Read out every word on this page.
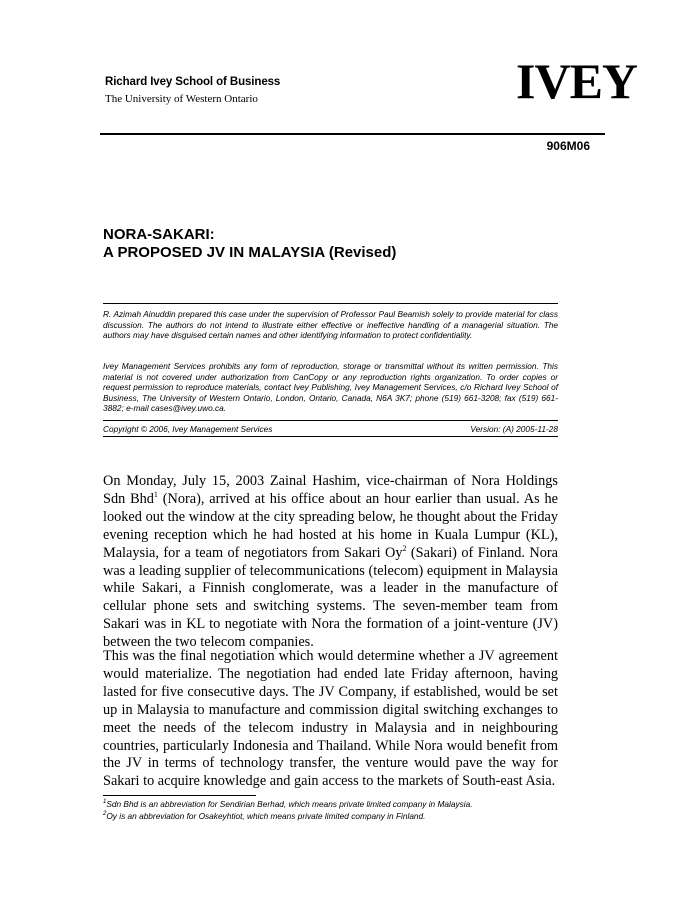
Richard Ivey School of Business
The University of Western Ontario	IVEY
906M06
NORA-SAKARI:
A PROPOSED JV IN MALAYSIA (Revised)
R. Azimah Ainuddin prepared this case under the supervision of Professor Paul Beamish solely to provide material for class discussion. The authors do not intend to illustrate either effective or ineffective handling of a managerial situation. The authors may have disguised certain names and other identifying information to protect confidentiality.
Ivey Management Services prohibits any form of reproduction, storage or transmittal without its written permission. This material is not covered under authorization from CanCopy or any reproduction rights organization. To order copies or request permission to reproduce materials, contact Ivey Publishing, Ivey Management Services, c/o Richard Ivey School of Business, The University of Western Ontario, London, Ontario, Canada, N6A 3K7; phone (519) 661-3208; fax (519) 661-3882; e-mail cases@ivey.uwo.ca.
Copyright © 2006, Ivey Management Services	Version: (A) 2005-11-28
On Monday, July 15, 2003 Zainal Hashim, vice-chairman of Nora Holdings Sdn Bhd$^1$ (Nora), arrived at his office about an hour earlier than usual. As he looked out the window at the city spreading below, he thought about the Friday evening reception which he had hosted at his home in Kuala Lumpur (KL), Malaysia, for a team of negotiators from Sakari Oy$^2$ (Sakari) of Finland. Nora was a leading supplier of telecommunications (telecom) equipment in Malaysia while Sakari, a Finnish conglomerate, was a leader in the manufacture of cellular phone sets and switching systems. The seven-member team from Sakari was in KL to negotiate with Nora the formation of a joint-venture (JV) between the two telecom companies.
This was the final negotiation which would determine whether a JV agreement would materialize. The negotiation had ended late Friday afternoon, having lasted for five consecutive days. The JV Company, if established, would be set up in Malaysia to manufacture and commission digital switching exchanges to meet the needs of the telecom industry in Malaysia and in neighbouring countries, particularly Indonesia and Thailand. While Nora would benefit from the JV in terms of technology transfer, the venture would pave the way for Sakari to acquire knowledge and gain access to the markets of South-east Asia.
$^1$Sdn Bhd is an abbreviation for Sendirian Berhad, which means private limited company in Malaysia.
$^2$Oy is an abbreviation for Osakeyhtiot, which means private limited company in Finland.
